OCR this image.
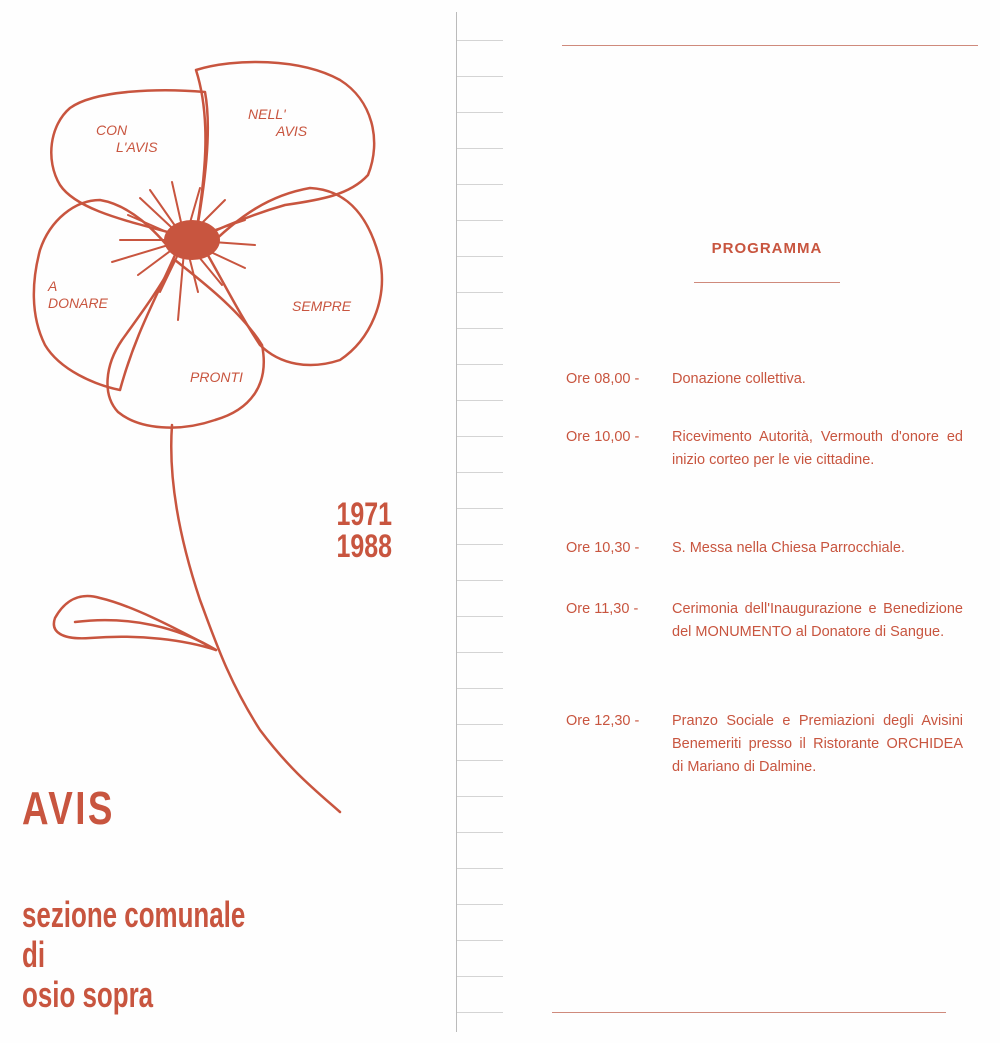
CON
L'AVIS
NELL'
AVIS
A
DONARE	SEMPRE
PRONTI
1971
1988
AVIS
sezione comunale
di
osio sopra
PROGRAMMA
Ore 08,00 - Donazione collettiva.
Ore 10,00 - Ricevimento Autorità, Vermouth d'onore ed inizio corteo per le vie cittadine.
Ore 10,30 - S. Messa nella Chiesa Parrocchiale.
Ore 11,30 - Cerimonia dell'Inaugurazione e Benedizione del MONUMENTO al Donatore di Sangue.
Ore 12,30 - Pranzo Sociale e Premiazioni degli Avisini Benemeriti presso il Ristorante ORCHIDEA di Mariano di Dalmine.
